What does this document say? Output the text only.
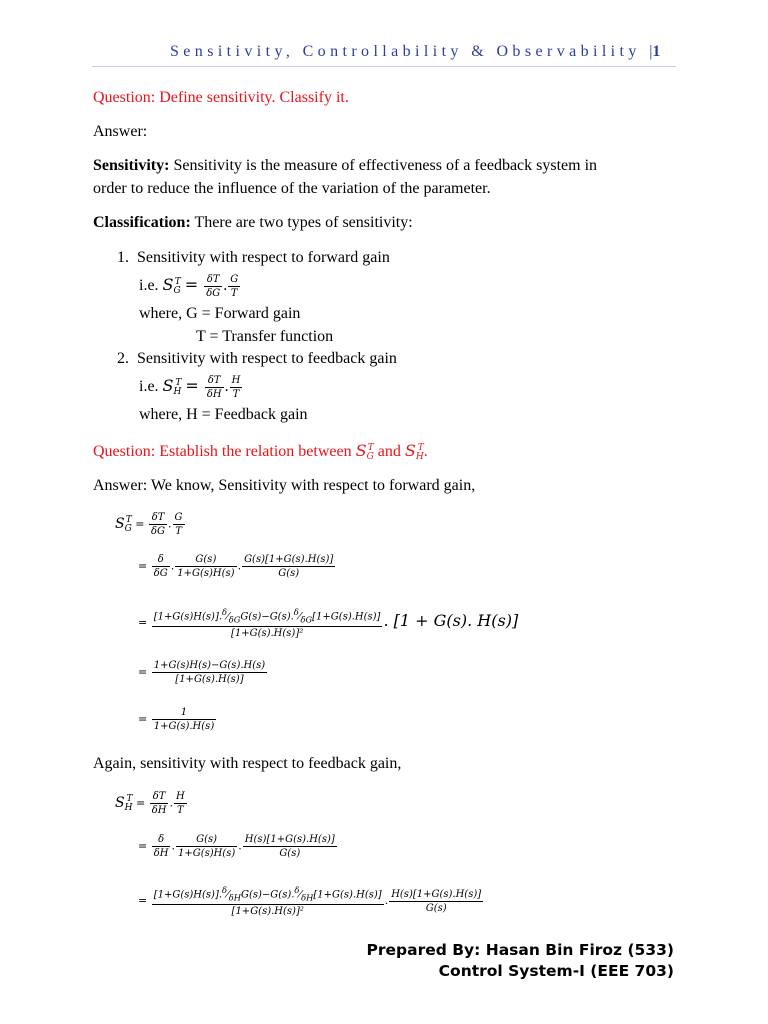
Sensitivity, Controllability & Observability |1
Question: Define sensitivity. Classify it.
Answer:
Sensitivity: Sensitivity is the measure of effectiveness of a feedback system in
order to reduce the influence of the variation of the parameter.
Classification: There are two types of sensitivity:
1.  Sensitivity with respect to forward gain
i.e. $S_G^T = \frac{\delta T}{\delta G}$ . $\frac{G}{T}$
where, G = Forward gain
T = Transfer function
2.  Sensitivity with respect to feedback gain
i.e. $S_H^T = \frac{\delta T}{\delta H}$ . $\frac{H}{T}$
where, H = Feedback gain
Question: Establish the relation between $S_G^T$ and $S_H^T$.
Answer: We know, Sensitivity with respect to forward gain,
$S_G^T = \frac{\delta T}{\delta G}$ . $\frac{G}{T}$
= $\frac{\delta}{\delta G}$ . $\frac{G(s)}{1+G(s)H(s)}$ . $\frac{G(s)[1+G(s).H(s)]}{G(s)}$
= $\frac{[1+G(s)H(s)].^\delta⁄_{\delta G}G(s)-G(s).^\delta⁄_{\delta G}[1+G(s).H(s)]}{\text{[1+G(s).H(s)]²}}$ . [1 + G(s). H(s)]
= $\frac{1+G(s)H(s)-G(s).H(s)}{[1+G(s).H(s)]}$
= $\frac{1}{1+G(s).H(s)}$
Again, sensitivity with respect to feedback gain,
$S_H^T = \frac{\delta T}{\delta H}$ . $\frac{H}{T}$
= $\frac{\delta}{\delta H}$ . $\frac{G(s)}{1+G(s)H(s)}$ . $\frac{H(s)[1+G(s).H(s)]}{G(s)}$
= $\frac{[1+G(s)H(s)].^\delta⁄_{\delta H}G(s)-G(s).^\delta⁄_{\delta H}[1+G(s).H(s)]}{\text{[1+G(s).H(s)]²}}$ . $\frac{H(s)[1+G(s).H(s)]}{G(s)}$
Prepared By: Hasan Bin Firoz (533)
Control System-I (EEE 703)
